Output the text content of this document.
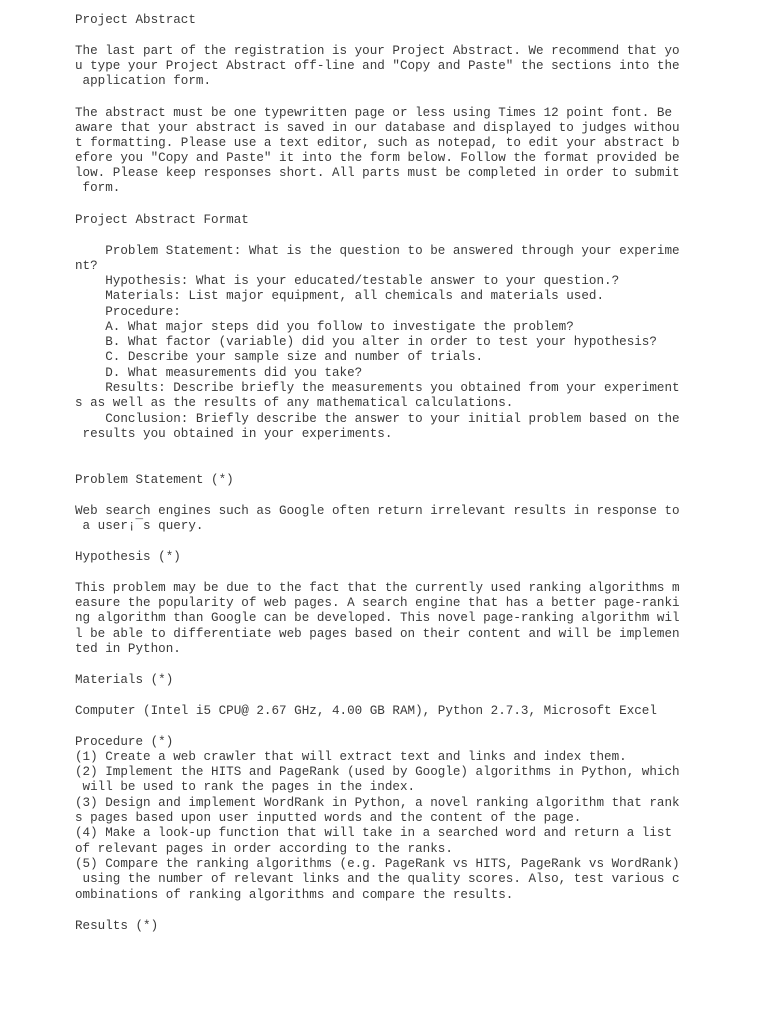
Project Abstract
The last part of the registration is your Project Abstract. We recommend that yo
u type your Project Abstract off-line and "Copy and Paste" the sections into the
application form.
The abstract must be one typewritten page or less using Times 12 point font. Be
aware that your abstract is saved in our database and displayed to judges withou
t formatting. Please use a text editor, such as notepad, to edit your abstract b
efore you "Copy and Paste" it into the form below. Follow the format provided be
low. Please keep responses short. All parts must be completed in order to submit
form.
Project Abstract Format
Problem Statement: What is the question to be answered through your experime
nt?
Hypothesis: What is your educated/testable answer to your question.?
Materials: List major equipment, all chemicals and materials used.
Procedure:
A. What major steps did you follow to investigate the problem?
B. What factor (variable) did you alter in order to test your hypothesis?
C. Describe your sample size and number of trials.
D. What measurements did you take?
Results: Describe briefly the measurements you obtained from your experiment
s as well as the results of any mathematical calculations.
Conclusion: Briefly describe the answer to your initial problem based on the
results you obtained in your experiments.
Problem Statement (*)
Web search engines such as Google often return irrelevant results in response to
a user¡¯s query.
Hypothesis (*)
This problem may be due to the fact that the currently used ranking algorithms m
easure the popularity of web pages. A search engine that has a better page-ranki
ng algorithm than Google can be developed. This novel page-ranking algorithm wil
l be able to differentiate web pages based on their content and will be implemen
ted in Python.
Materials (*)
Computer (Intel i5 CPU@ 2.67 GHz, 4.00 GB RAM), Python 2.7.3, Microsoft Excel
Procedure (*)
(1) Create a web crawler that will extract text and links and index them.
(2) Implement the HITS and PageRank (used by Google) algorithms in Python, which
will be used to rank the pages in the index.
(3) Design and implement WordRank in Python, a novel ranking algorithm that rank
s pages based upon user inputted words and the content of the page.
(4) Make a look-up function that will take in a searched word and return a list
of relevant pages in order according to the ranks.
(5) Compare the ranking algorithms (e.g. PageRank vs HITS, PageRank vs WordRank)
using the number of relevant links and the quality scores. Also, test various c
ombinations of ranking algorithms and compare the results.
Results (*)
